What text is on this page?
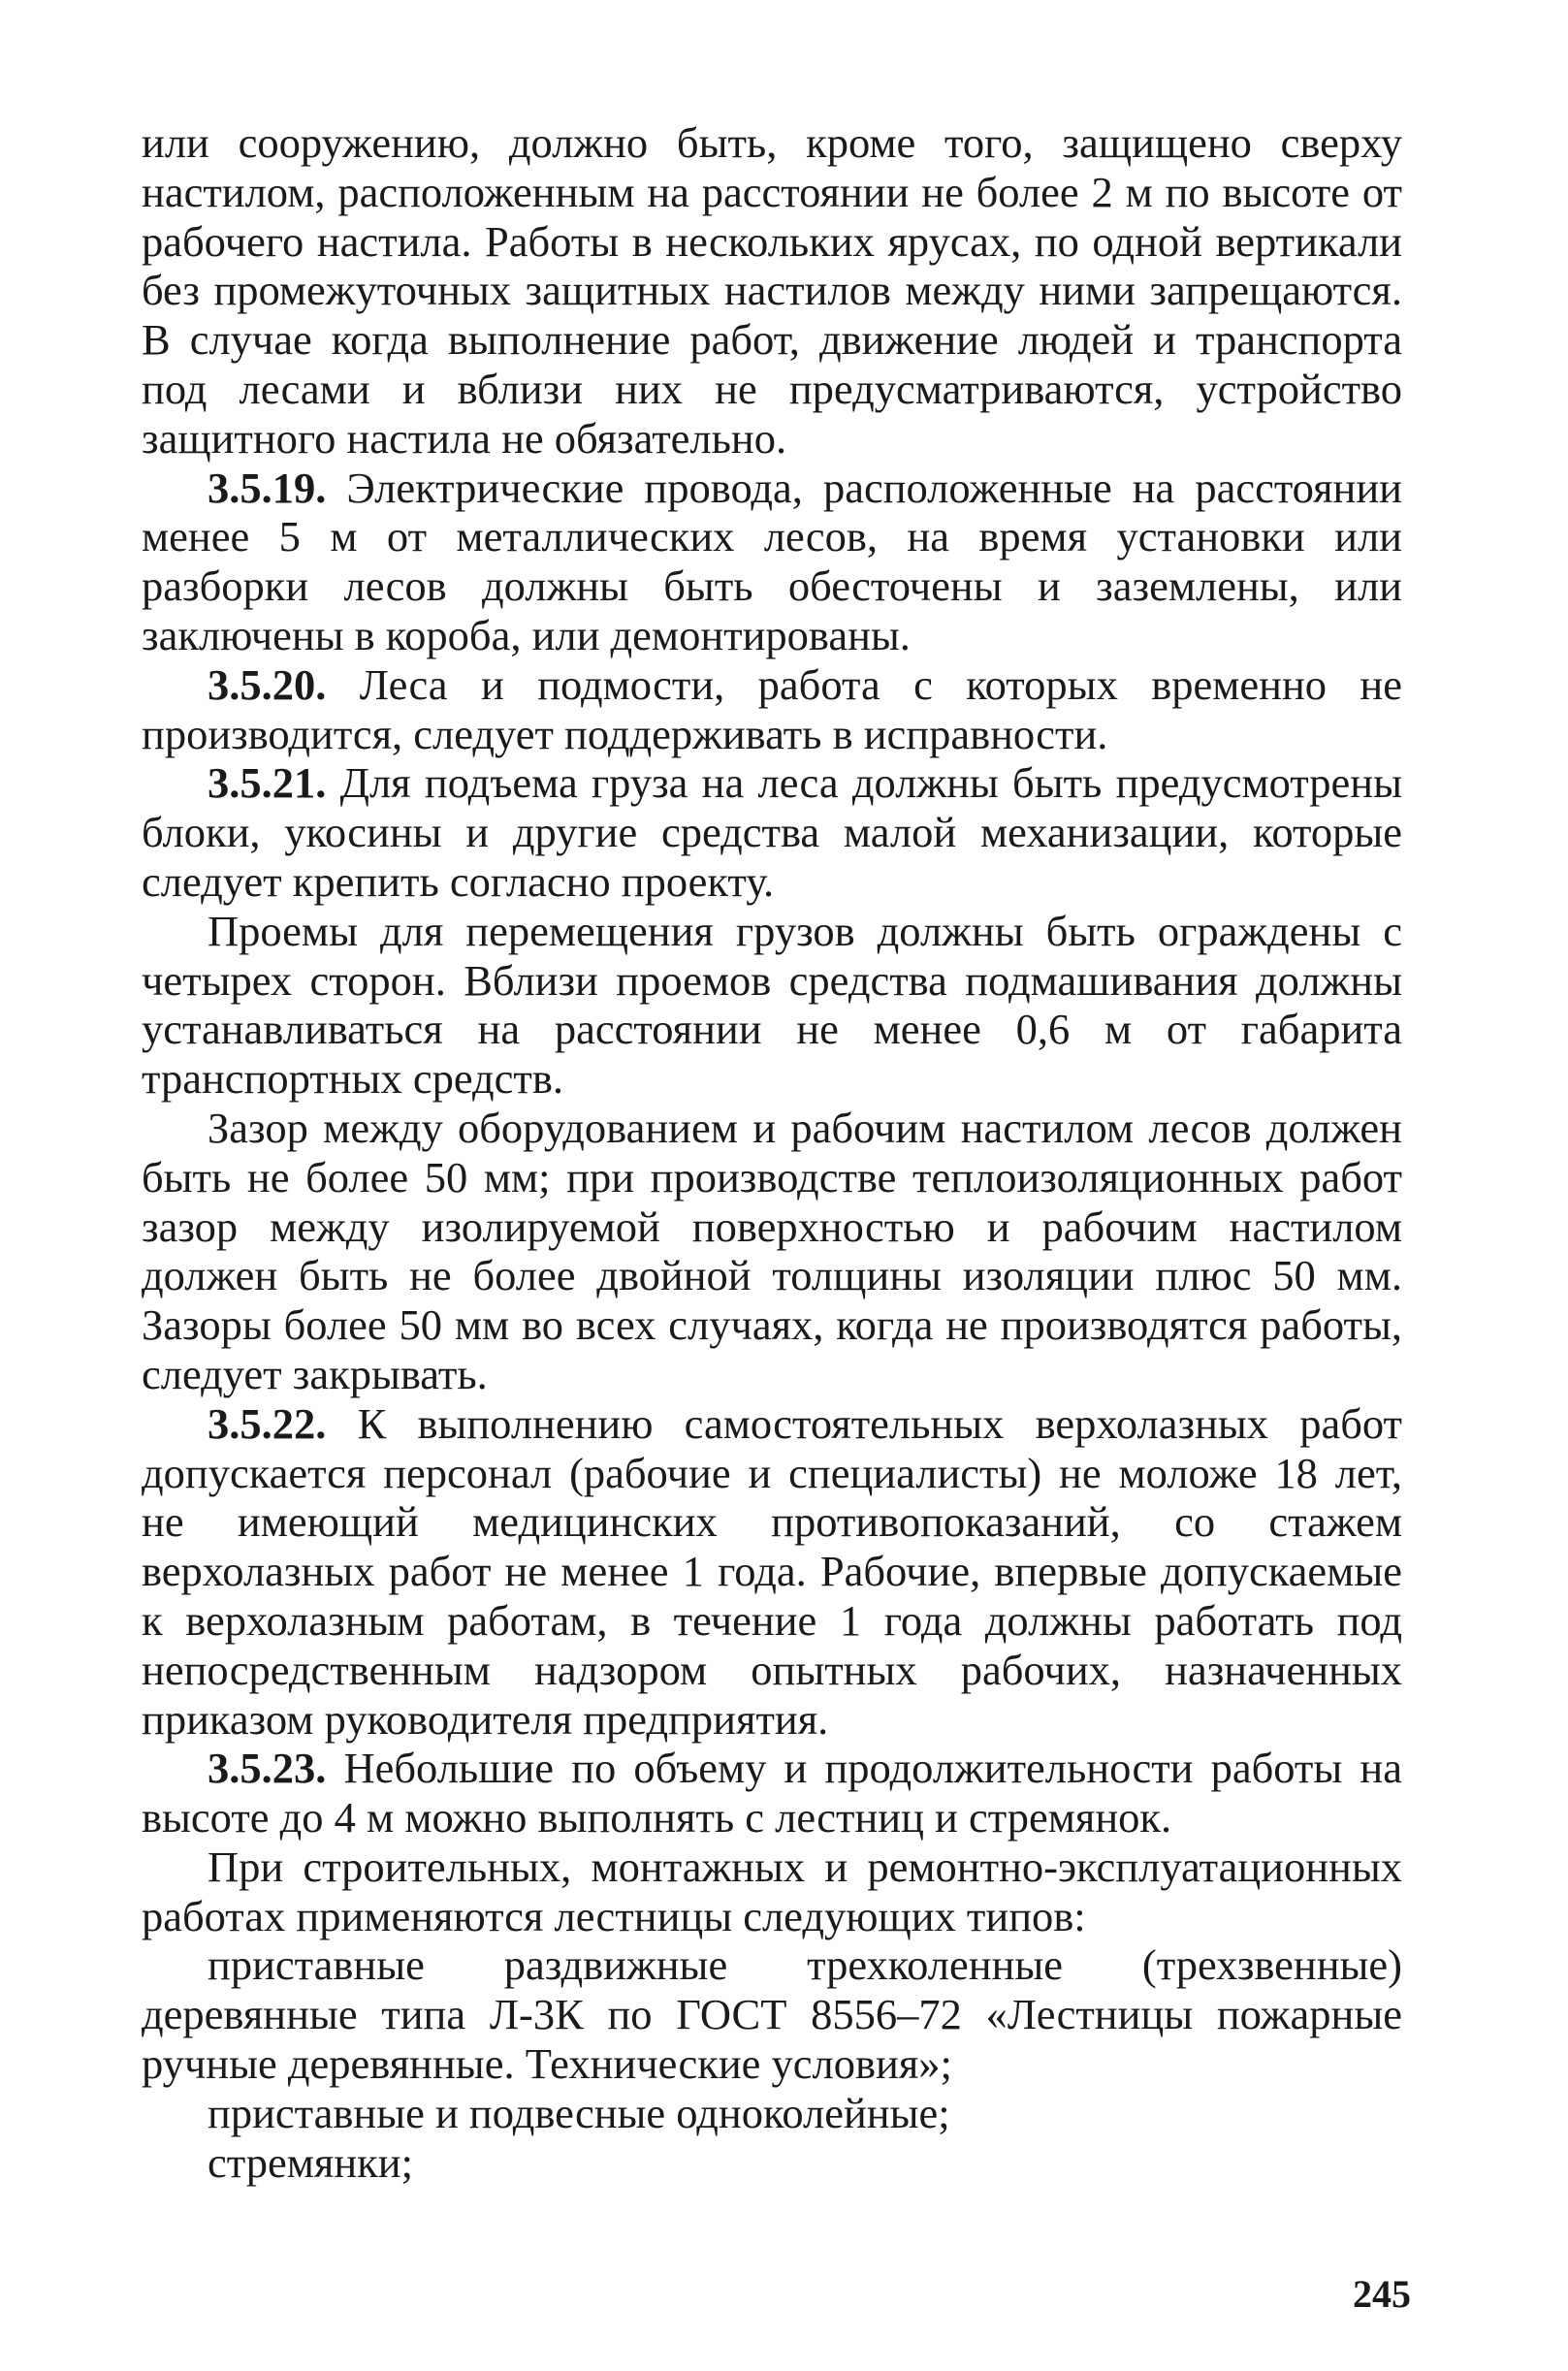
или сооружению, должно быть, кроме того, защищено сверху настилом, расположенным на расстоянии не более 2 м по высоте от рабочего настила. Работы в нескольких ярусах, по одной вертикали без промежуточных защитных настилов между ними запрещаются. В случае когда выполнение работ, движение людей и транспорта под лесами и вблизи них не предусматриваются, устройство защитного настила не обязательно.

3.5.19. Электрические провода, расположенные на расстоянии менее 5 м от металлических лесов, на время установки или разборки лесов должны быть обесточены и заземлены, или заключены в короба, или демонтированы.

3.5.20. Леса и подмости, работа с которых временно не производится, следует поддерживать в исправности.

3.5.21. Для подъема груза на леса должны быть предусмотрены блоки, укосины и другие средства малой механизации, которые следует крепить согласно проекту.

Проемы для перемещения грузов должны быть ограждены с четырех сторон. Вблизи проемов средства подмашивания должны устанавливаться на расстоянии не менее 0,6 м от габарита транспортных средств.

Зазор между оборудованием и рабочим настилом лесов должен быть не более 50 мм; при производстве теплоизоляционных работ зазор между изолируемой поверхностью и рабочим настилом должен быть не более двойной толщины изоляции плюс 50 мм. Зазоры более 50 мм во всех случаях, когда не производятся работы, следует закрывать.

3.5.22. К выполнению самостоятельных верхолазных работ допускается персонал (рабочие и специалисты) не моложе 18 лет, не имеющий медицинских противопоказаний, со стажем верхолазных работ не менее 1 года. Рабочие, впервые допускаемые к верхолазным работам, в течение 1 года должны работать под непосредственным надзором опытных рабочих, назначенных приказом руководителя предприятия.

3.5.23. Небольшие по объему и продолжительности работы на высоте до 4 м можно выполнять с лестниц и стремянок.

При строительных, монтажных и ремонтно-эксплуатационных работах применяются лестницы следующих типов:

приставные раздвижные трехколенные (трехзвенные) деревянные типа Л-3К по ГОСТ 8556–72 «Лестницы пожарные ручные деревянные. Технические условия»;

приставные и подвесные одноколейные;

стремянки;

245
